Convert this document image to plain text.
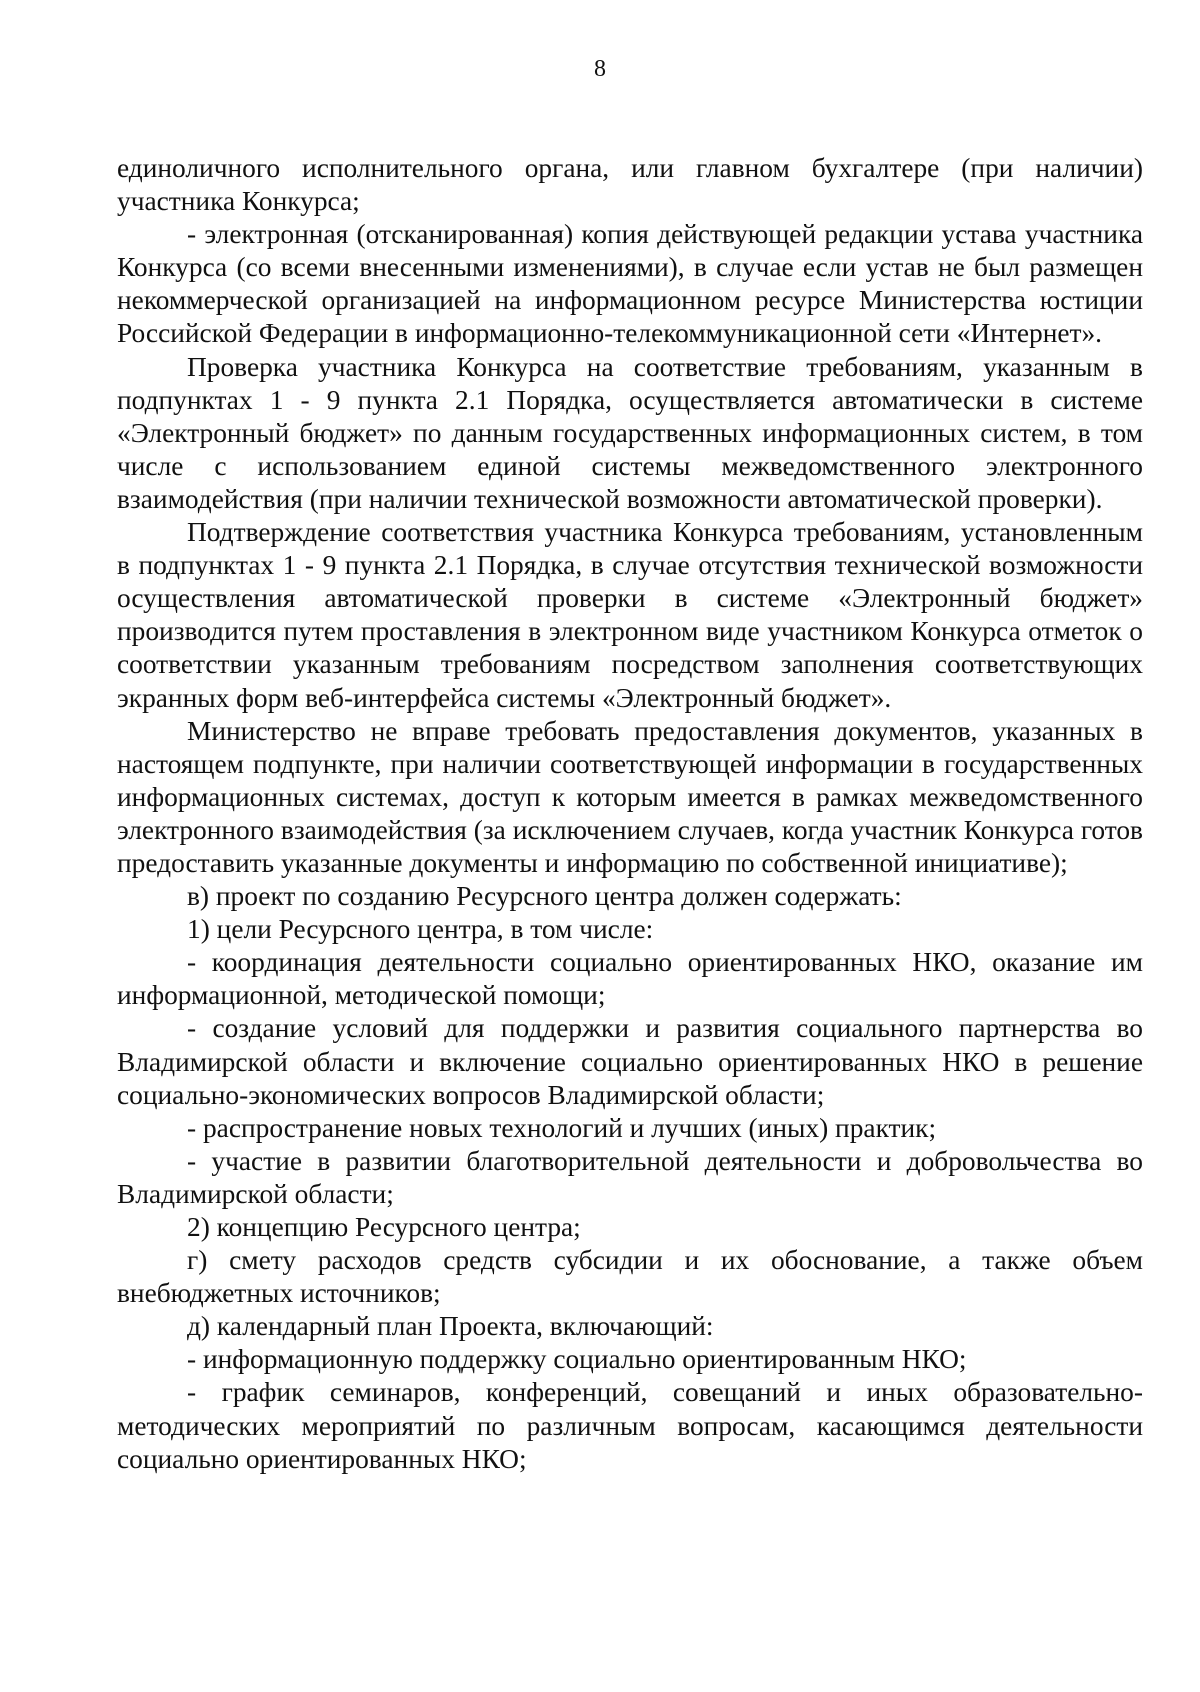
8

единоличного исполнительного органа, или главном бухгалтере (при наличии) участника Конкурса;

- электронная (отсканированная) копия действующей редакции устава участника Конкурса (со всеми внесенными изменениями), в случае если устав не был размещен некоммерческой организацией на информационном ресурсе Министерства юстиции Российской Федерации в информационно-телекоммуникационной сети «Интернет».

Проверка участника Конкурса на соответствие требованиям, указанным в подпунктах 1 - 9 пункта 2.1 Порядка, осуществляется автоматически в системе «Электронный бюджет» по данным государственных информационных систем, в том числе с использованием единой системы межведомственного электронного взаимодействия (при наличии технической возможности автоматической проверки).

Подтверждение соответствия участника Конкурса требованиям, установленным в подпунктах 1 - 9 пункта 2.1 Порядка, в случае отсутствия технической возможности осуществления автоматической проверки в системе «Электронный бюджет» производится путем проставления в электронном виде участником Конкурса отметок о соответствии указанным требованиям посредством заполнения соответствующих экранных форм веб-интерфейса системы «Электронный бюджет».

Министерство не вправе требовать предоставления документов, указанных в настоящем подпункте, при наличии соответствующей информации в государственных информационных системах, доступ к которым имеется в рамках межведомственного электронного взаимодействия (за исключением случаев, когда участник Конкурса готов предоставить указанные документы и информацию по собственной инициативе);

в) проект по созданию Ресурсного центра должен содержать:

1) цели Ресурсного центра, в том числе:

- координация деятельности социально ориентированных НКО, оказание им информационной, методической помощи;

- создание условий для поддержки и развития социального партнерства во Владимирской области и включение социально ориентированных НКО в решение социально-экономических вопросов Владимирской области;

- распространение новых технологий и лучших (иных) практик;

- участие в развитии благотворительной деятельности и добровольчества во Владимирской области;

2) концепцию Ресурсного центра;

г) смету расходов средств субсидии и их обоснование, а также объем внебюджетных источников;

д) календарный план Проекта, включающий:

- информационную поддержку социально ориентированным НКО;

- график семинаров, конференций, совещаний и иных образовательно-методических мероприятий по различным вопросам, касающимся деятельности социально ориентированных НКО;
